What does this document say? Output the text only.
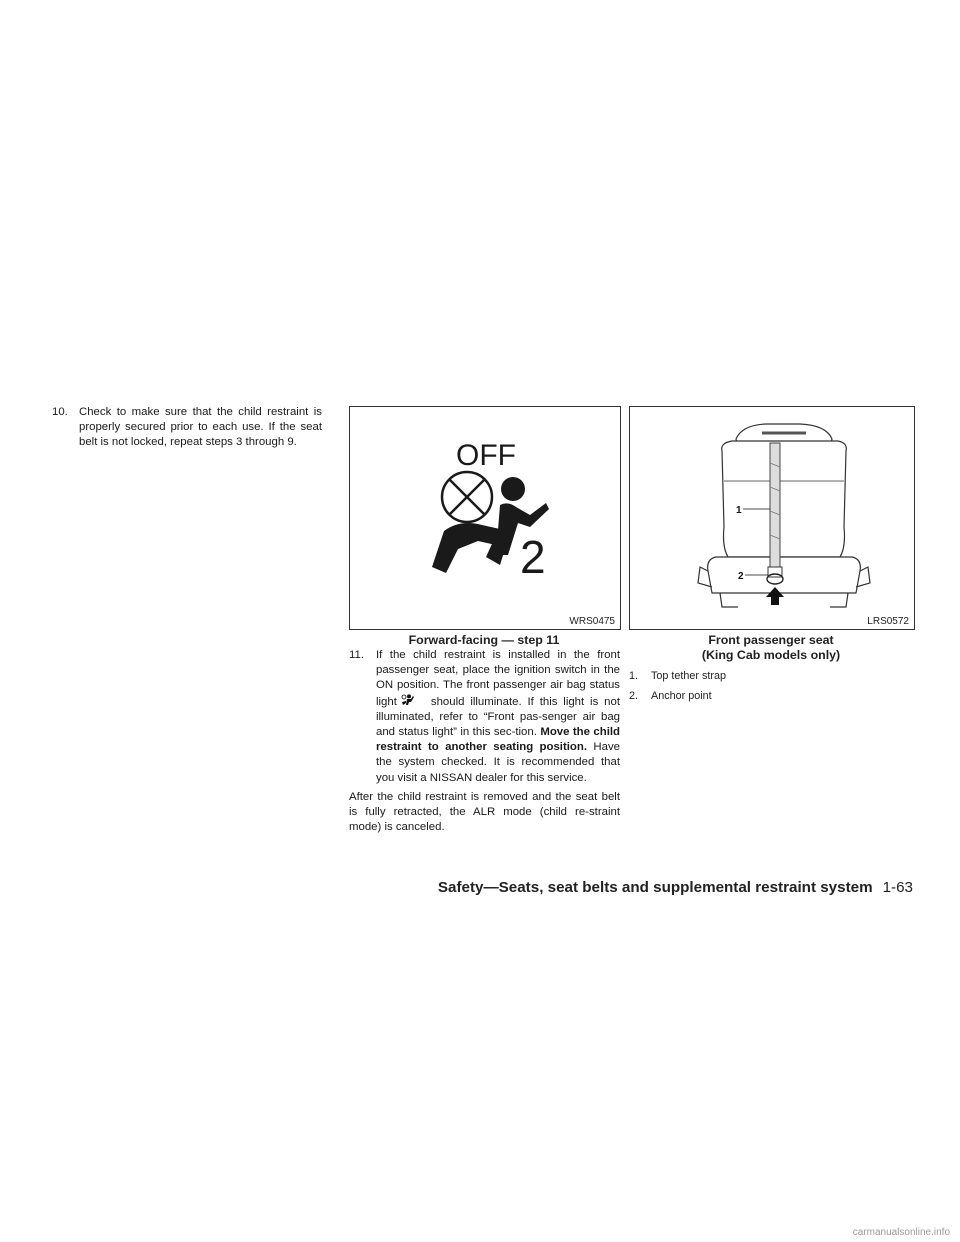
10. Check to make sure that the child restraint is properly secured prior to each use. If the seat belt is not locked, repeat steps 3 through 9.	OFF
2
WRS0475
Forward-facing — step 11
1
2
LRS0572
Front passenger seat
(King Cab models only)
11. If the child restraint is installed in the front passenger seat, place the ignition switch in the ON position. The front passenger air bag status light	should illuminate. If this light is not illuminated, refer to “Front pas-senger air bag and status light” in this sec-tion. Move the child restraint to another seating position. Have the system checked. It is recommended that you visit a NISSAN dealer for this service.
After the child restraint is removed and the seat belt is fully retracted, the ALR mode (child re-straint mode) is canceled.
1. Top tether strap
2. Anchor point
Safety—Seats, seat belts and supplemental restraint system 1-63
carmanualsonline.info
